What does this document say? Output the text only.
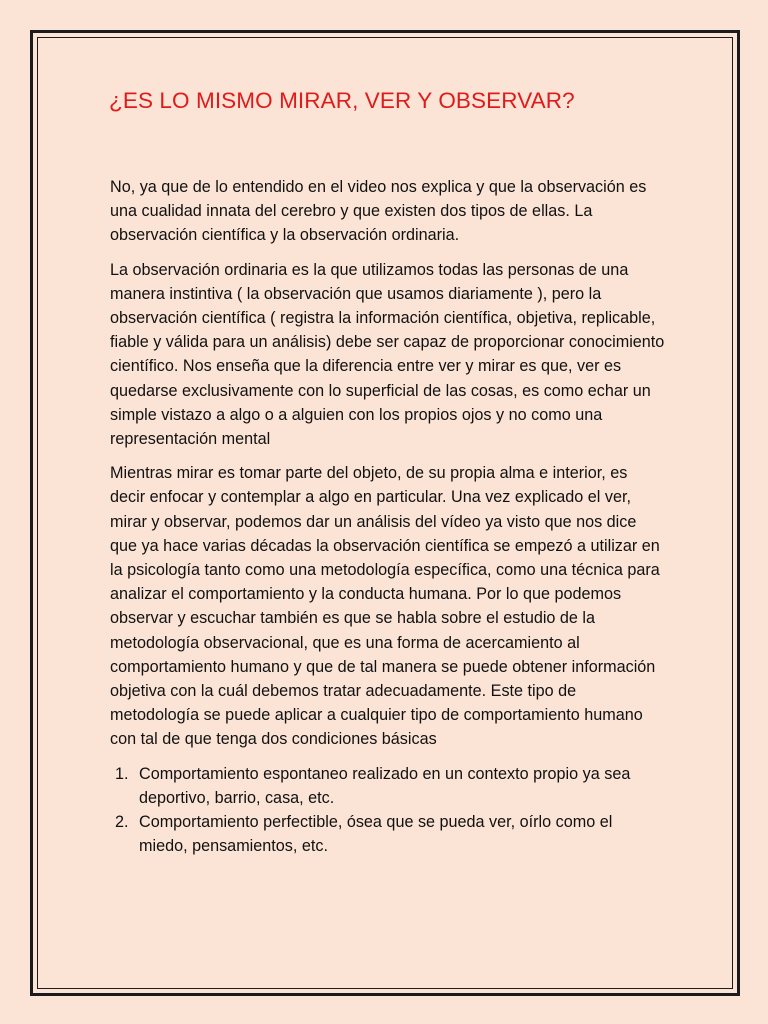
¿ES LO MISMO MIRAR, VER Y OBSERVAR?

No, ya que de lo entendido en el video nos explica y que la observación es una cualidad innata del cerebro y que existen dos tipos de ellas. La observación científica y la observación ordinaria.

La observación ordinaria es la que utilizamos todas las personas de una manera instintiva ( la observación que usamos diariamente ), pero la observación científica ( registra la información científica, objetiva, replicable, fiable y válida para un análisis) debe ser capaz de proporcionar conocimiento científico. Nos enseña que la diferencia entre ver y mirar es que, ver es quedarse exclusivamente con lo superficial de las cosas, es como echar un simple vistazo a algo o a alguien con los propios ojos y no como una representación mental

Mientras mirar es tomar parte del objeto, de su propia alma e interior, es decir enfocar y contemplar a algo en particular. Una vez explicado el ver, mirar y observar, podemos dar un análisis del vídeo ya visto que nos dice que ya hace varias décadas la observación científica se empezó a utilizar en la psicología tanto como una metodología específica, como una técnica para analizar el comportamiento y la conducta humana. Por lo que podemos observar y escuchar también es que se habla sobre el estudio de la metodología observacional, que es una forma de acercamiento al comportamiento humano y que de tal manera se puede obtener información objetiva con la cuál debemos tratar adecuadamente. Este tipo de metodología se puede aplicar a cualquier tipo de comportamiento humano con tal de que tenga dos condiciones básicas

1. Comportamiento espontaneo realizado en un contexto propio ya sea deportivo, barrio, casa, etc.
2. Comportamiento perfectible, ósea que se pueda ver, oírlo como el miedo, pensamientos, etc.
